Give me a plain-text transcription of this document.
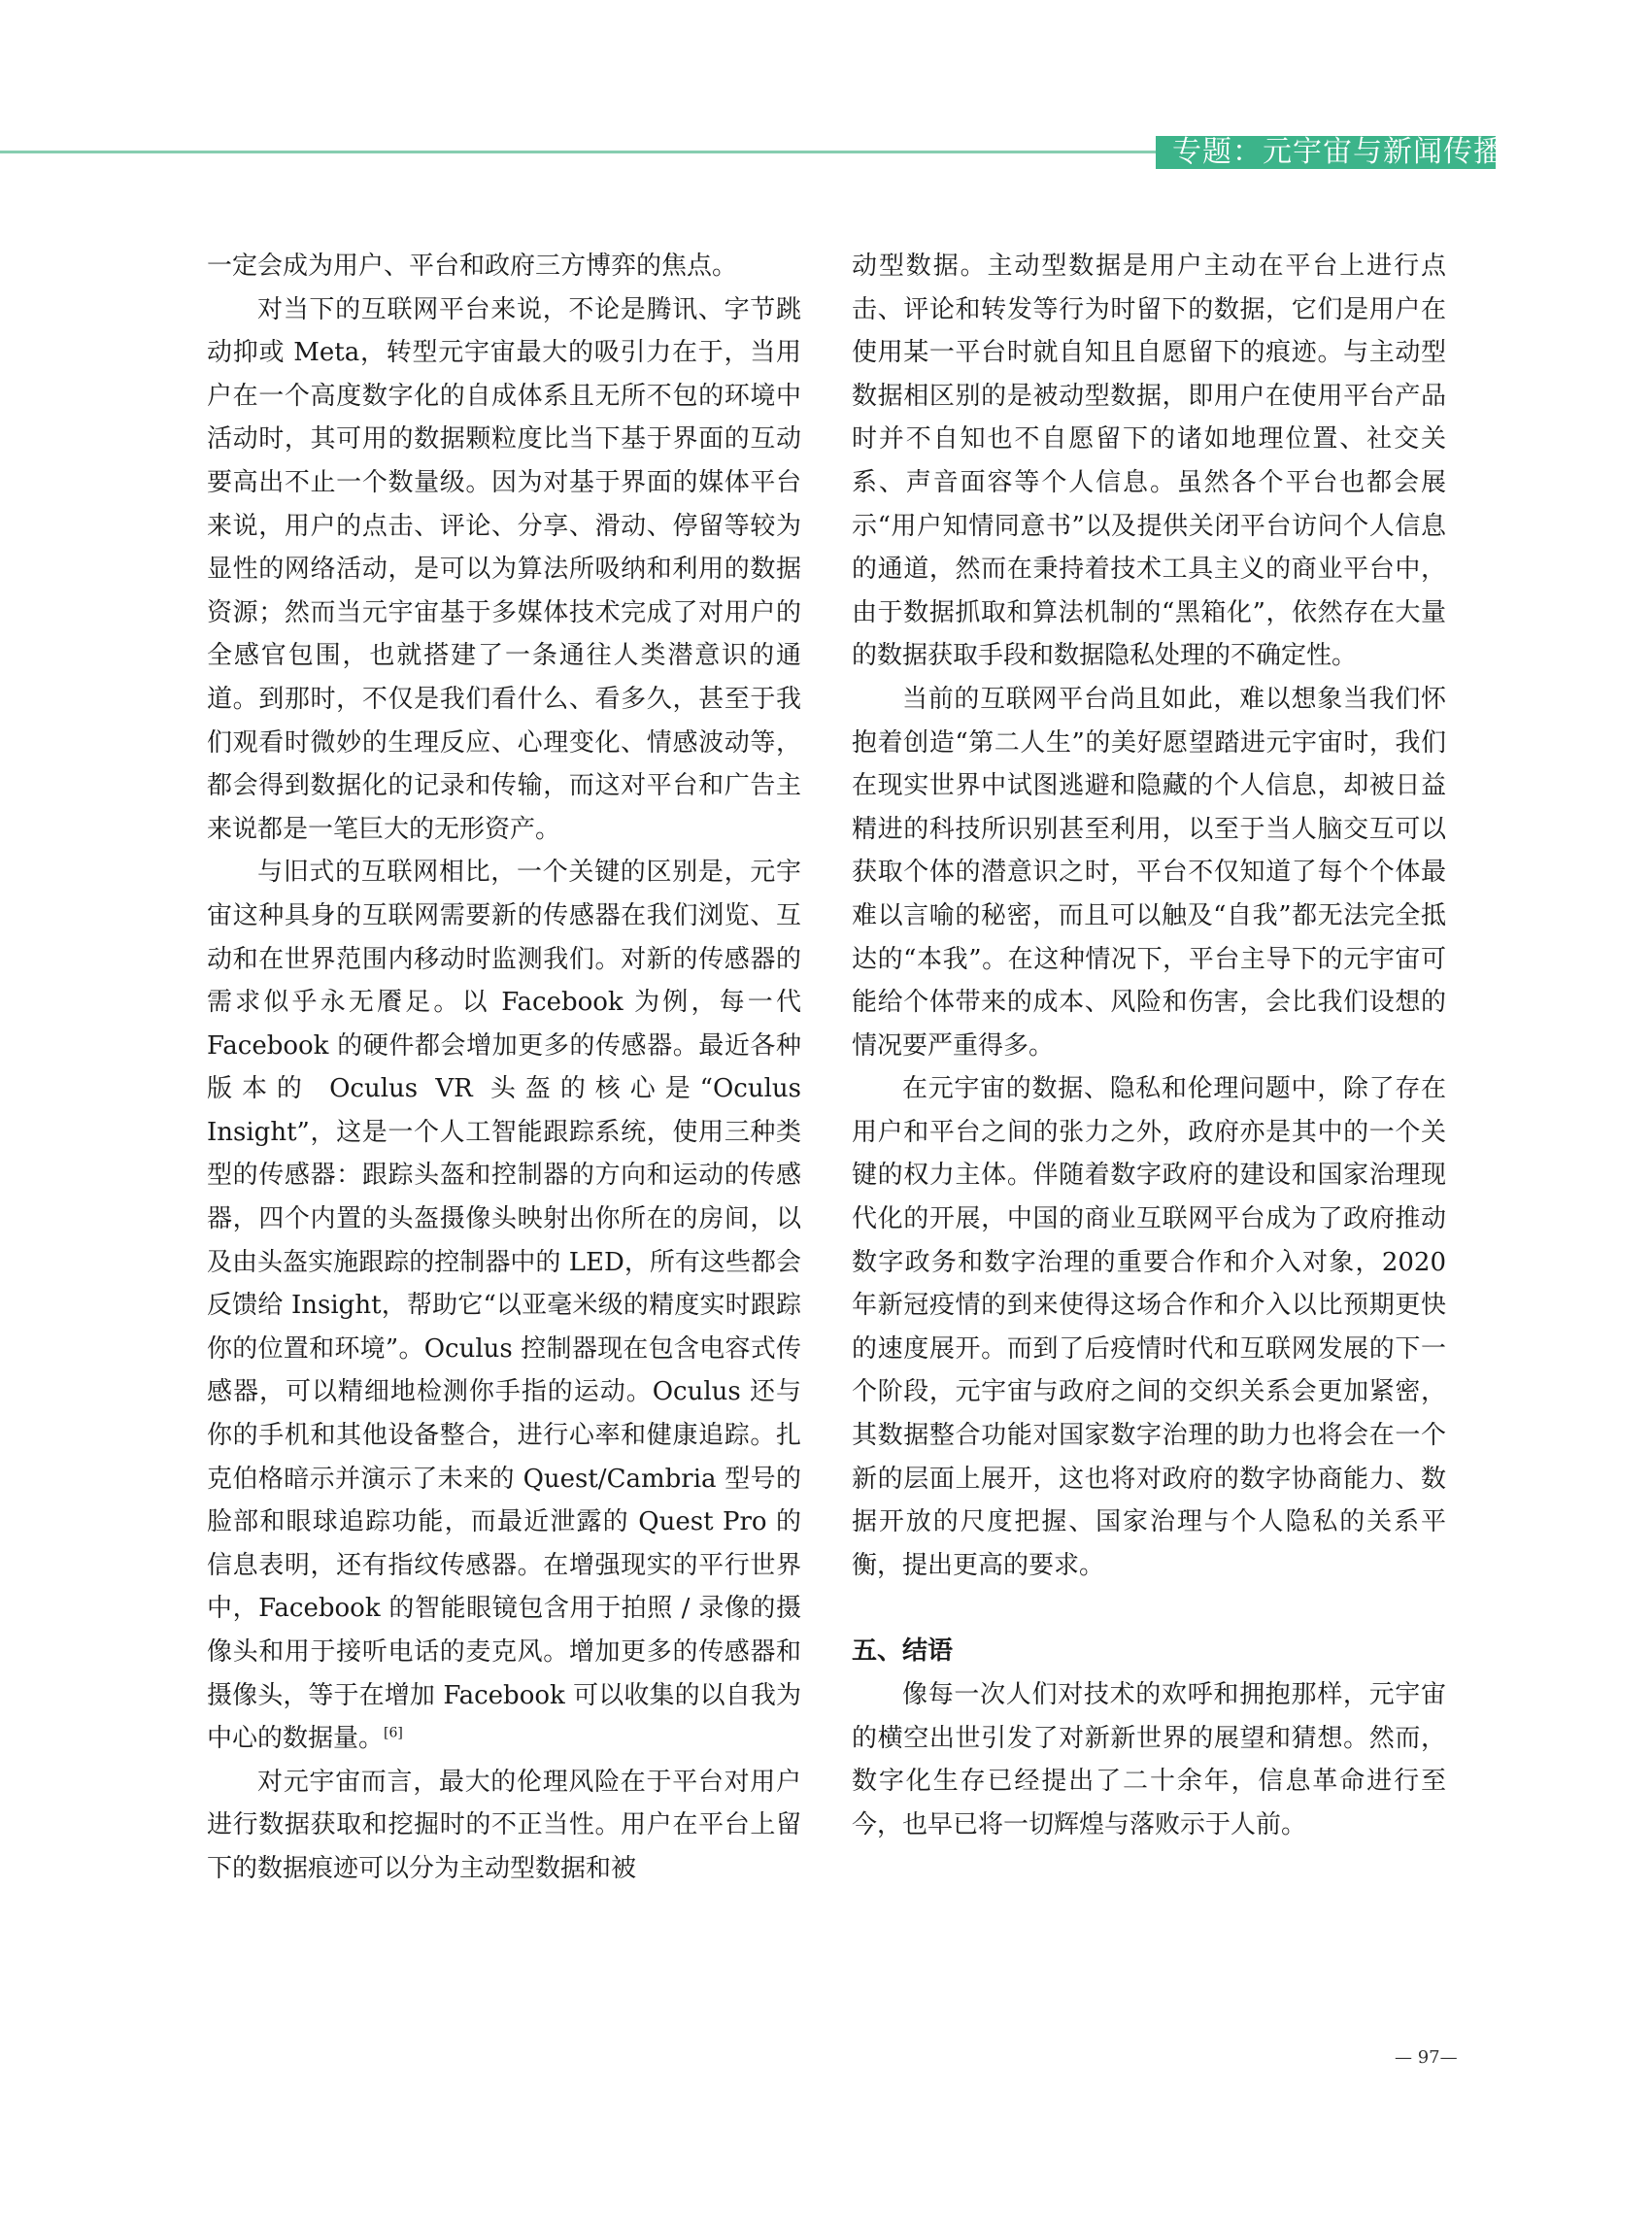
专题：元宇宙与新闻传播

一定会成为用户、平台和政府三方博弈的焦点。

对当下的互联网平台来说，不论是腾讯、字节跳动抑或 Meta，转型元宇宙最大的吸引力在于，当用户在一个高度数字化的自成体系且无所不包的环境中活动时，其可用的数据颗粒度比当下基于界面的互动要高出不止一个数量级。因为对基于界面的媒体平台来说，用户的点击、评论、分享、滑动、停留等较为显性的网络活动，是可以为算法所吸纳和利用的数据资源；然而当元宇宙基于多媒体技术完成了对用户的全感官包围，也就搭建了一条通往人类潜意识的通道。到那时，不仅是我们看什么、看多久，甚至于我们观看时微妙的生理反应、心理变化、情感波动等，都会得到数据化的记录和传输，而这对平台和广告主来说都是一笔巨大的无形资产。

与旧式的互联网相比，一个关键的区别是，元宇宙这种具身的互联网需要新的传感器在我们浏览、互动和在世界范围内移动时监测我们。对新的传感器的需求似乎永无餍足。以 Facebook 为例，每一代 Facebook 的硬件都会增加更多的传感器。最近各种版本的 Oculus VR 头盔的核心是“Oculus Insight”，这是一个人工智能跟踪系统，使用三种类型的传感器：跟踪头盔和控制器的方向和运动的传感器，四个内置的头盔摄像头映射出你所在的房间，以及由头盔实施跟踪的控制器中的 LED，所有这些都会反馈给 Insight，帮助它“以亚毫米级的精度实时跟踪你的位置和环境”。Oculus 控制器现在包含电容式传感器，可以精细地检测你手指的运动。Oculus 还与你的手机和其他设备整合，进行心率和健康追踪。扎克伯格暗示并演示了未来的 Quest/Cambria 型号的脸部和眼球追踪功能，而最近泄露的 Quest Pro 的信息表明，还有指纹传感器。在增强现实的平行世界中，Facebook 的智能眼镜包含用于拍照 / 录像的摄像头和用于接听电话的麦克风。增加更多的传感器和摄像头，等于在增加 Facebook 可以收集的以自我为中心的数据量。[6]

对元宇宙而言，最大的伦理风险在于平台对用户进行数据获取和挖掘时的不正当性。用户在平台上留下的数据痕迹可以分为主动型数据和被

动型数据。主动型数据是用户主动在平台上进行点击、评论和转发等行为时留下的数据，它们是用户在使用某一平台时就自知且自愿留下的痕迹。与主动型数据相区别的是被动型数据，即用户在使用平台产品时并不自知也不自愿留下的诸如地理位置、社交关系、声音面容等个人信息。虽然各个平台也都会展示“用户知情同意书”以及提供关闭平台访问个人信息的通道，然而在秉持着技术工具主义的商业平台中，由于数据抓取和算法机制的“黑箱化”，依然存在大量的数据获取手段和数据隐私处理的不确定性。

当前的互联网平台尚且如此，难以想象当我们怀抱着创造“第二人生”的美好愿望踏进元宇宙时，我们在现实世界中试图逃避和隐藏的个人信息，却被日益精进的科技所识别甚至利用，以至于当人脑交互可以获取个体的潜意识之时，平台不仅知道了每个个体最难以言喻的秘密，而且可以触及“自我”都无法完全抵达的“本我”。在这种情况下，平台主导下的元宇宙可能给个体带来的成本、风险和伤害，会比我们设想的情况要严重得多。

在元宇宙的数据、隐私和伦理问题中，除了存在用户和平台之间的张力之外，政府亦是其中的一个关键的权力主体。伴随着数字政府的建设和国家治理现代化的开展，中国的商业互联网平台成为了政府推动数字政务和数字治理的重要合作和介入对象，2020 年新冠疫情的到来使得这场合作和介入以比预期更快的速度展开。而到了后疫情时代和互联网发展的下一个阶段，元宇宙与政府之间的交织关系会更加紧密，其数据整合功能对国家数字治理的助力也将会在一个新的层面上展开，这也将对政府的数字协商能力、数据开放的尺度把握、国家治理与个人隐私的关系平衡，提出更高的要求。

五、结语

像每一次人们对技术的欢呼和拥抱那样，元宇宙的横空出世引发了对新新世界的展望和猜想。然而，数字化生存已经提出了二十余年，信息革命进行至今，也早已将一切辉煌与落败示于人前。

— 97—
